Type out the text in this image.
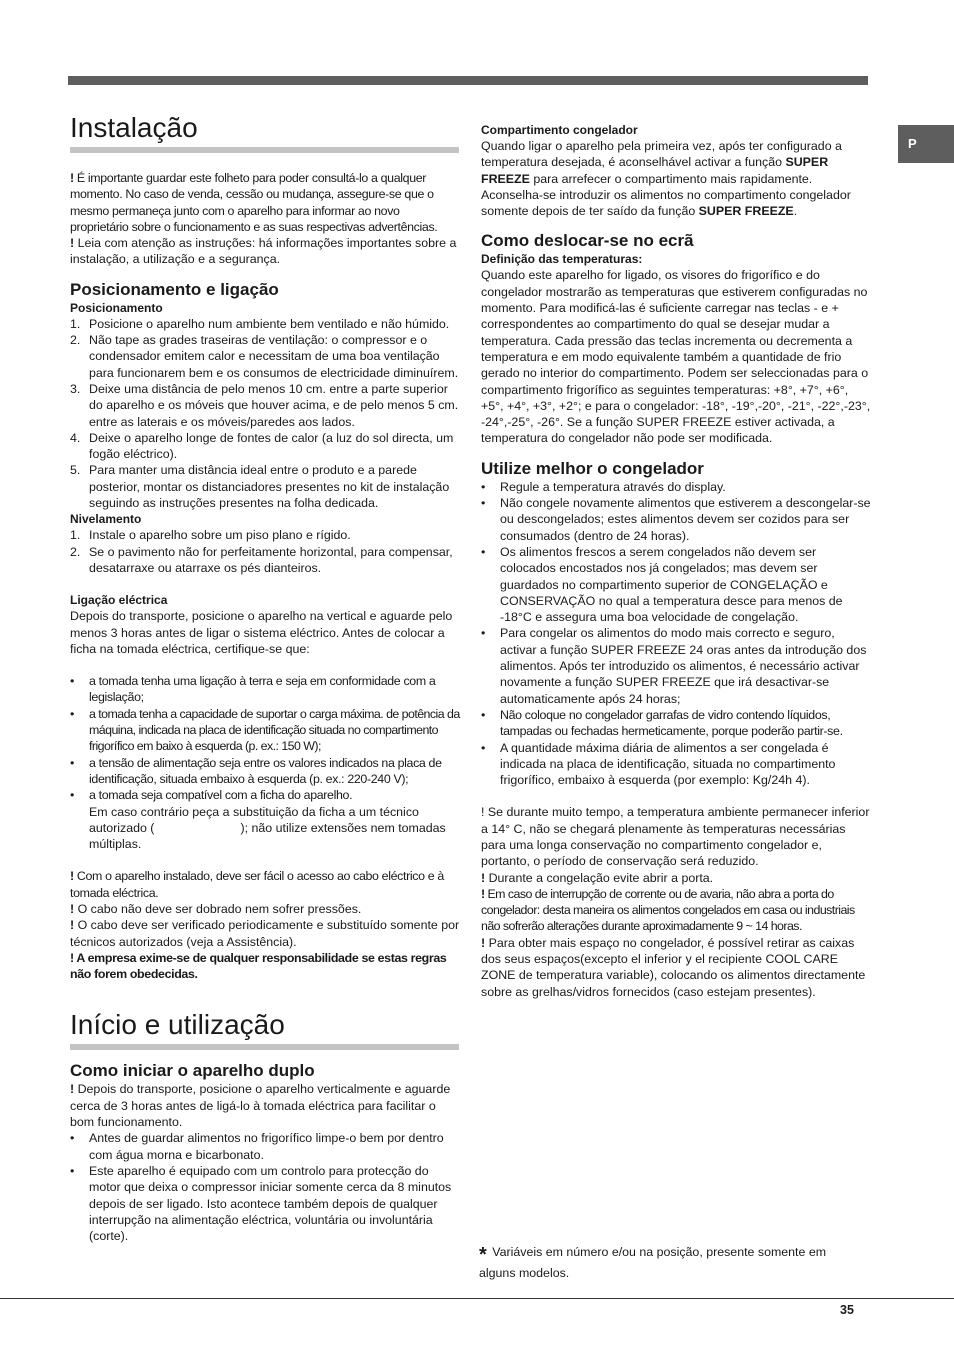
P
Instalação

! É importante guardar este folheto para poder consultá-lo a qualquer momento. No caso de venda, cessão ou mudança, assegure-se que o mesmo permaneça junto com o aparelho para informar ao novo proprietário sobre o funcionamento e as suas respectivas advertências.

! Leia com atenção as instruções: há informações importantes sobre a instalação, a utilização e a segurança.

Posicionamento e ligação
Posicionamento
1. Posicione o aparelho num ambiente bem ventilado e não húmido.
2. Não tape as grades traseiras de ventilação: o compressor e o condensador emitem calor e necessitam de uma boa ventilação para funcionarem bem e os consumos de electricidade diminuírem.
3. Deixe uma distância de pelo menos 10 cm. entre a parte superior do aparelho e os móveis que houver acima, e de pelo menos 5 cm. entre as laterais e os móveis/paredes aos lados.
4. Deixe o aparelho longe de fontes de calor (a luz do sol directa, um fogão eléctrico).
5. Para manter uma distância ideal entre o produto e a parede posterior, montar os distanciadores presentes no kit de instalação seguindo as instruções presentes na folha dedicada.
Nivelamento
1. Instale o aparelho sobre um piso plano e rígido.
2. Se o pavimento não for perfeitamente horizontal, para compensar, desatarraxe ou atarraxe os pés dianteiros.
Ligação eléctrica

Depois do transporte, posicione o aparelho na vertical e aguarde pelo menos 3 horas antes de ligar o sistema eléctrico. Antes de colocar a ficha na tomada eléctrica, certifique-se que:

• a tomada tenha uma ligação à terra e seja em conformidade com a legislação;
• a tomada tenha a capacidade de suportar o carga máxima. de potência da máquina, indicada na placa de identificação situada no compartimento frigorífico em baixo à esquerda (p. ex.: 150 W);
• a tensão de alimentação seja entre os valores indicados na placa de identificação, situada embaixo à esquerda (p. ex.: 220-240 V);
• a tomada seja compatível com a ficha do aparelho.

Em caso contrário peça a substituição da ficha a um técnico autorizado (                         ); não utilize extensões nem tomadas múltiplas.

! Com o aparelho instalado, deve ser fácil o acesso ao cabo eléctrico e à tomada eléctrica.

! O cabo não deve ser dobrado nem sofrer pressões.

! O cabo deve ser verificado periodicamente e substituído somente por técnicos autorizados (veja a Assistência).

! A empresa exime-se de qualquer responsabilidade se estas regras não forem obedecidas.

Início e utilização
Como iniciar o aparelho duplo

! Depois do transporte, posicione o aparelho verticalmente e aguarde cerca de 3 horas antes de ligá-lo à tomada eléctrica para facilitar o bom funcionamento.

• Antes de guardar alimentos no frigorífico limpe-o bem por dentro com água morna e bicarbonato.
• Este aparelho é equipado com um controlo para protecção do motor que deixa o compressor iniciar somente cerca da 8 minutos depois de ser ligado. Isto acontece também depois de qualquer interrupção na alimentação eléctrica, voluntária ou involuntária (corte).
Compartimento congelador

Quando ligar o aparelho pela primeira vez, após ter configurado a temperatura desejada, é aconselhável activar a função SUPER FREEZE para arrefecer o compartimento mais rapidamente. Aconselha-se introduzir os alimentos no compartimento congelador somente depois de ter saído da função SUPER FREEZE.

Como deslocar-se no ecrã
Definição das temperaturas:

Quando este aparelho for ligado, os visores do frigorífico e do congelador mostrarão as temperaturas que estiverem configuradas no momento. Para modificá-las é suficiente carregar nas teclas - e + correspondentes ao compartimento do qual se desejar mudar a temperatura. Cada pressão das teclas incrementa ou decrementa a temperatura e em modo equivalente também a quantidade de frio gerado no interior do compartimento. Podem ser seleccionadas para o compartimento frigorífico as seguintes temperaturas: +8°, +7°, +6°, +5°, +4°, +3°, +2°; e para o congelador: -18°, -19°,-20°, -21°, -22°,-23°, -24°,-25°, -26°. Se a função SUPER FREEZE estiver activada, a temperatura do congelador não pode ser modificada.

Utilize melhor o congelador
• Regule a temperatura através do display.
• Não congele novamente alimentos que estiverem a descongelar-se ou descongelados; estes alimentos devem ser cozidos para ser consumados (dentro de 24 horas).
• Os alimentos frescos a serem congelados não devem ser colocados encostados nos já congelados; mas devem ser guardados no compartimento superior de CONGELAÇÃO e CONSERVAÇÃO no qual a temperatura desce para menos de -18°C e assegura uma boa velocidade de congelação.
• Para congelar os alimentos do modo mais correcto e seguro, activar a função SUPER FREEZE 24 oras antes da introdução dos alimentos. Após ter introduzido os alimentos, é necessário activar novamente a função SUPER FREEZE que irá desactivar-se automaticamente após 24 horas;
• Não coloque no congelador garrafas de vidro contendo líquidos, tampadas ou fechadas hermeticamente, porque poderão partir-se.
• A quantidade máxima diária de alimentos a ser congelada é indicada na placa de identificação, situada no compartimento frigorífico, embaixo à esquerda (por exemplo: Kg/24h 4).

! Se durante muito tempo, a temperatura ambiente permanecer inferior a 14° C, não se chegará plenamente às temperaturas necessárias para uma longa conservação no compartimento congelador e, portanto, o período de conservação será reduzido.

! Durante a congelação evite abrir a porta.

! Em caso de interrupção de corrente ou de avaria, não abra a porta do congelador: desta maneira os alimentos congelados em casa ou industriais não sofrerão alterações durante aproximadamente 9 ~ 14 horas.

! Para obter mais espaço no congelador, é possível retirar as caixas dos seus espaços(excepto el inferior y el recipiente COOL CARE ZONE de temperatura variable), colocando os alimentos directamente sobre as grelhas/vidros fornecidos (caso estejam presentes).

* Variáveis em número e/ou na posição, presente somente em alguns modelos.
35
